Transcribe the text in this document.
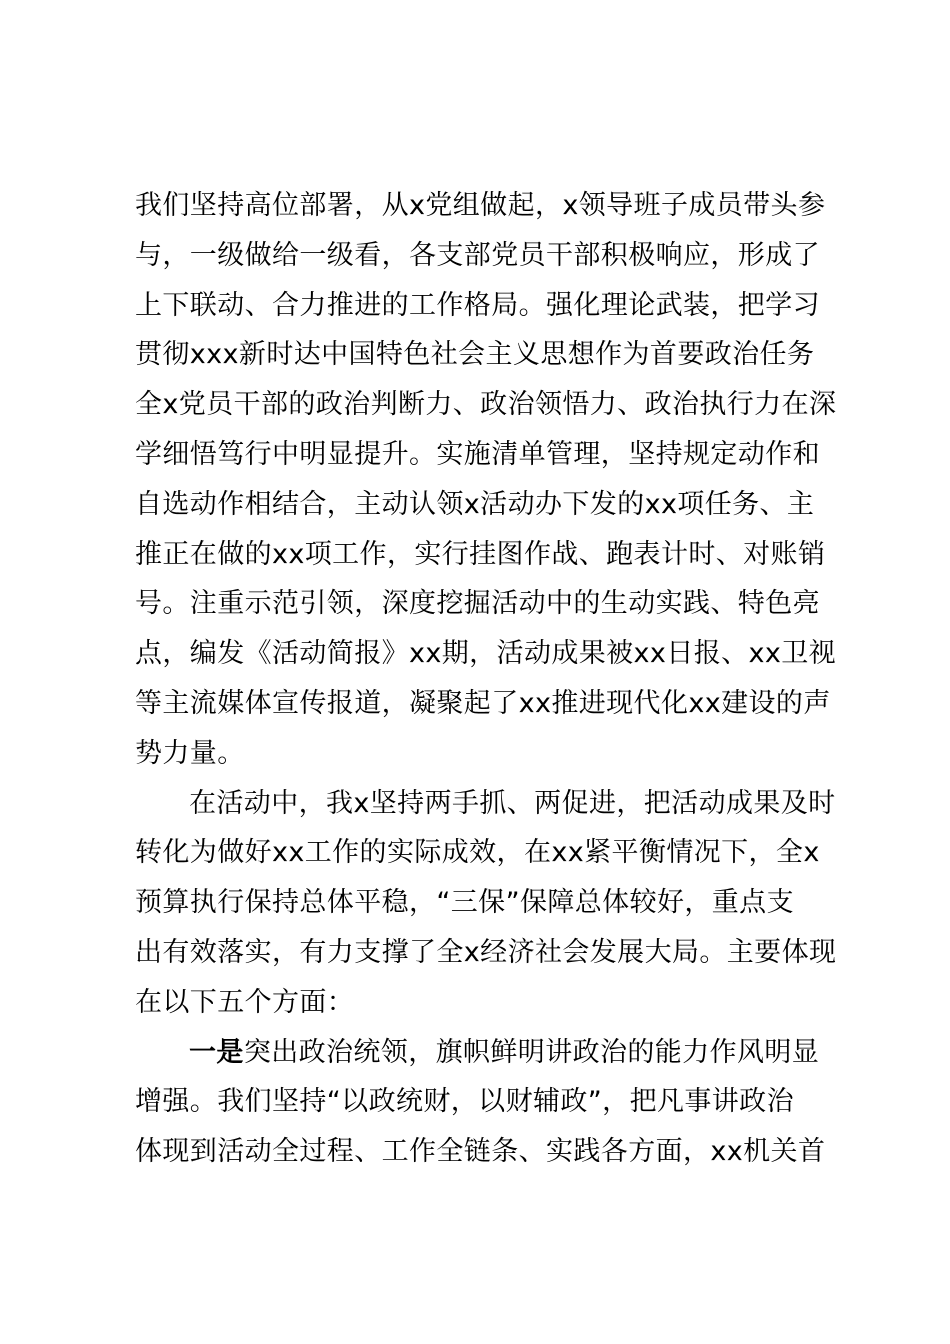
我们坚持高位部署，从x党组做起，x领导班子成员带头参
与，一级做给一级看，各支部党员干部积极响应，形成了
上下联动、合力推进的工作格局。强化理论武装，把学习
贯彻xxx新时达中国特色社会主义思想作为首要政治任务
全x党员干部的政治判断力、政治领悟力、政治执行力在深
学细悟笃行中明显提升。实施清单管理，坚持规定动作和
自选动作相结合，主动认领x活动办下发的xx项任务、主
推正在做的xx项工作，实行挂图作战、跑表计时、对账销
号。注重示范引领，深度挖掘活动中的生动实践、特色亮
点，编发《活动简报》xx期，活动成果被xx日报、xx卫视
等主流媒体宣传报道，凝聚起了xx推进现代化xx建设的声
势力量。
在活动中，我x坚持两手抓、两促进，把活动成果及时
转化为做好xx工作的实际成效，在xx紧平衡情况下，全x
预算执行保持总体平稳，“三保”保障总体较好，重点支
出有效落实，有力支撑了全x经济社会发展大局。主要体现
在以下五个方面：
一是突出政治统领，旗帜鲜明讲政治的能力作风明显
增强。我们坚持“以政统财，以财辅政”，把凡事讲政治
体现到活动全过程、工作全链条、实践各方面，xx机关首
